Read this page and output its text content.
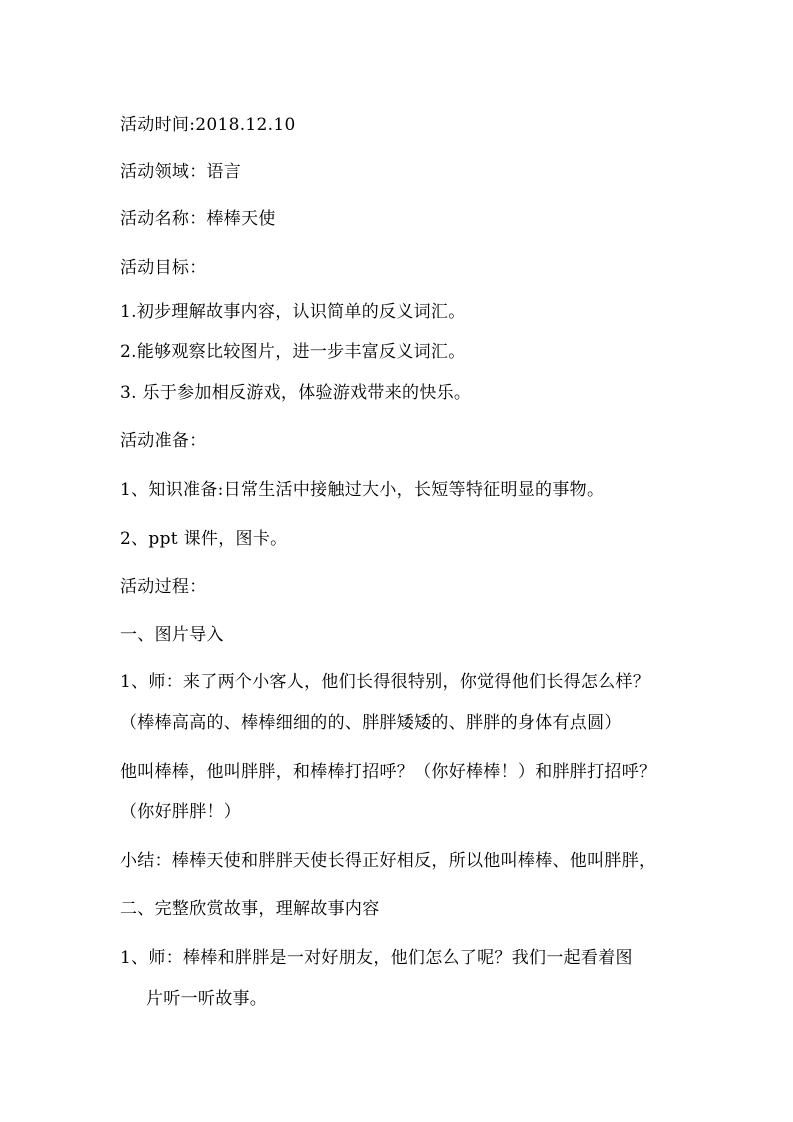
活动时间:2018.12.10
活动领域：语言
活动名称：棒棒天使
活动目标：
1.初步理解故事内容，认识简单的反义词汇。
2.能够观察比较图片，进一步丰富反义词汇。
3. 乐于参加相反游戏，体验游戏带来的快乐。
活动准备：
1、知识准备:日常生活中接触过大小，长短等特征明显的事物。
2、ppt 课件，图卡。
活动过程：
一、图片导入
1、师：来了两个小客人，他们长得很特别，你觉得他们长得怎么样？
（棒棒高高的、棒棒细细的的、胖胖矮矮的、胖胖的身体有点圆）
他叫棒棒，他叫胖胖，和棒棒打招呼？（你好棒棒！）和胖胖打招呼？
（你好胖胖！）
小结：棒棒天使和胖胖天使长得正好相反，所以他叫棒棒、他叫胖胖，
二、完整欣赏故事，理解故事内容
1、师：棒棒和胖胖是一对好朋友，他们怎么了呢？我们一起看着图
片听一听故事。
